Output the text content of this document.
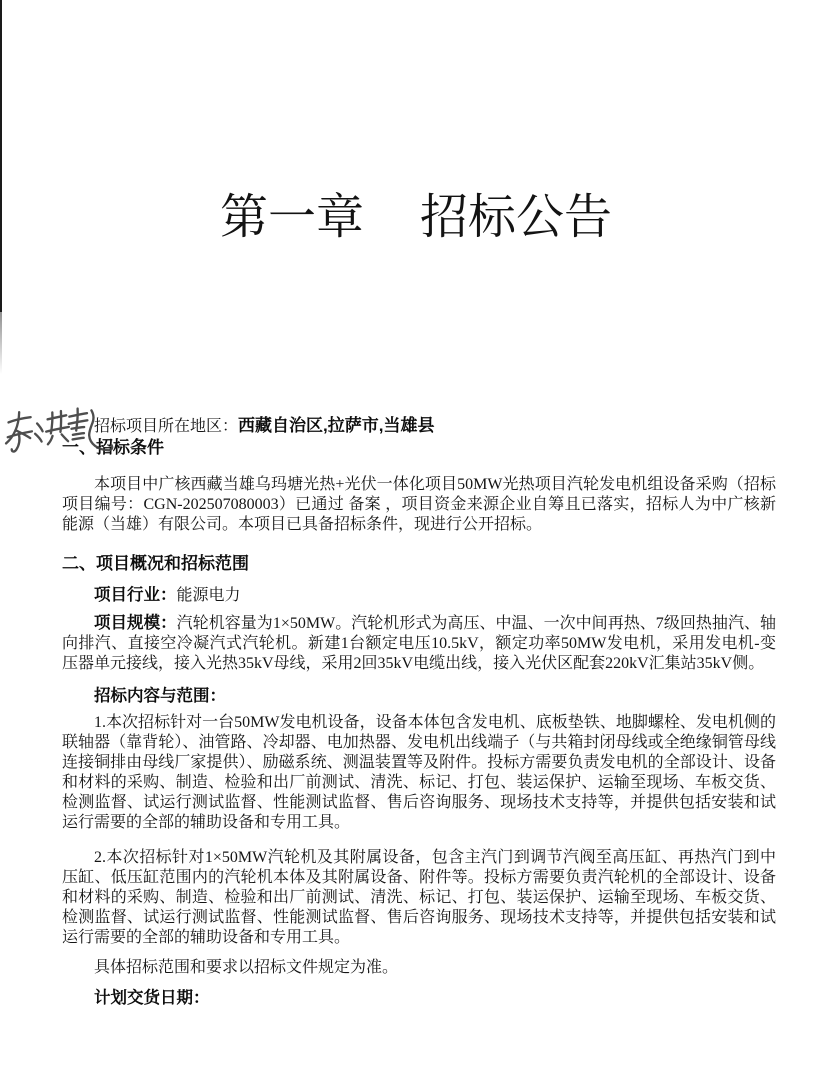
第一章 招标公告

招标项目所在地区：西藏自治区,拉萨市,当雄县

一、招标条件

本项目中广核西藏当雄乌玛塘光热+光伏一体化项目50MW光热项目汽轮发电机组设备采购（招标项目编号：CGN-202507080003）已通过 备案 ，项目资金来源企业自筹且已落实，招标人为中广核新能源（当雄）有限公司。本项目已具备招标条件，现进行公开招标。

二、项目概况和招标范围

项目行业：能源电力

项目规模：汽轮机容量为1×50MW。汽轮机形式为高压、中温、一次中间再热、7级回热抽汽、轴向排汽、直接空冷凝汽式汽轮机。新建1台额定电压10.5kV，额定功率50MW发电机，采用发电机-变压器单元接线，接入光热35kV母线，采用2回35kV电缆出线，接入光伏区配套220kV汇集站35kV侧。

招标内容与范围：

1.本次招标针对一台50MW发电机设备，设备本体包含发电机、底板垫铁、地脚螺栓、发电机侧的联轴器（靠背轮）、油管路、冷却器、电加热器、发电机出线端子（与共箱封闭母线或全绝缘铜管母线连接铜排由母线厂家提供）、励磁系统、测温装置等及附件。投标方需要负责发电机的全部设计、设备和材料的采购、制造、检验和出厂前测试、清洗、标记、打包、装运保护、运输至现场、车板交货、检测监督、试运行测试监督、性能测试监督、售后咨询服务、现场技术支持等，并提供包括安装和试运行需要的全部的辅助设备和专用工具。

2.本次招标针对1×50MW汽轮机及其附属设备，包含主汽门到调节汽阀至高压缸、再热汽门到中压缸、低压缸范围内的汽轮机本体及其附属设备、附件等。投标方需要负责汽轮机的全部设计、设备和材料的采购、制造、检验和出厂前测试、清洗、标记、打包、装运保护、运输至现场、车板交货、检测监督、试运行测试监督、性能测试监督、售后咨询服务、现场技术支持等，并提供包括安装和试运行需要的全部的辅助设备和专用工具。

具体招标范围和要求以招标文件规定为准。

计划交货日期：
